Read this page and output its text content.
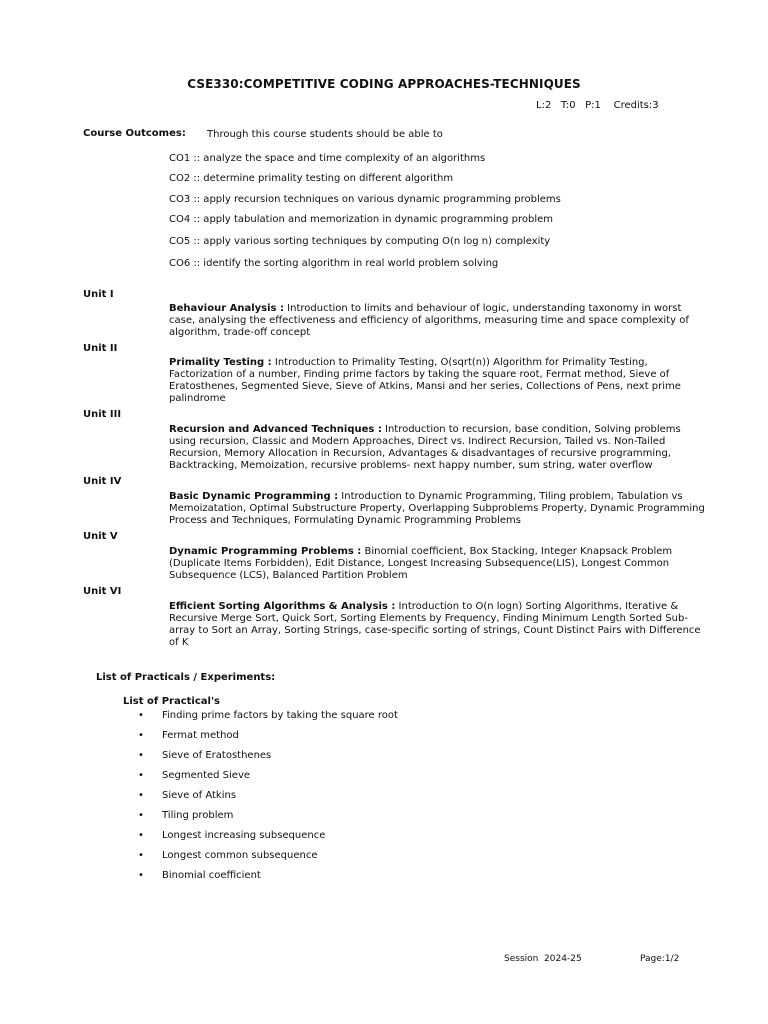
CSE330:COMPETITIVE CODING APPROACHES-TECHNIQUES
L:2   T:0   P:1    Credits:3
Course Outcomes: Through this course students should be able to
CO1 :: analyze the space and time complexity of an algorithms
CO2 :: determine primality testing on different algorithm
CO3 :: apply recursion techniques on various dynamic programming problems
CO4 :: apply tabulation and memorization in dynamic programming problem
CO5 :: apply various sorting techniques by computing O(n log n) complexity
CO6 :: identify the sorting algorithm in real world problem solving
Unit I
Behaviour Analysis : Introduction to limits and behaviour of logic, understanding taxonomy in worst case, analysing the effectiveness and efficiency of algorithms, measuring time and space complexity of algorithm, trade-off concept
Unit II
Primality Testing : Introduction to Primality Testing, O(sqrt(n)) Algorithm for Primality Testing, Factorization of a number, Finding prime factors by taking the square root, Fermat method, Sieve of Eratosthenes, Segmented Sieve, Sieve of Atkins, Mansi and her series, Collections of Pens, next prime palindrome
Unit III
Recursion and Advanced Techniques : Introduction to recursion, base condition, Solving problems using recursion, Classic and Modern Approaches, Direct vs. Indirect Recursion, Tailed vs. Non-Tailed Recursion, Memory Allocation in Recursion, Advantages & disadvantages of recursive programming, Backtracking, Memoization, recursive problems- next happy number, sum string, water overflow
Unit IV
Basic Dynamic Programming : Introduction to Dynamic Programming, Tiling problem, Tabulation vs Memoizatation, Optimal Substructure Property, Overlapping Subproblems Property, Dynamic Programming Process and Techniques, Formulating Dynamic Programming Problems
Unit V
Dynamic Programming Problems : Binomial coefficient, Box Stacking, Integer Knapsack Problem (Duplicate Items Forbidden), Edit Distance, Longest Increasing Subsequence(LIS), Longest Common Subsequence (LCS), Balanced Partition Problem
Unit VI
Efficient Sorting Algorithms & Analysis : Introduction to O(n logn) Sorting Algorithms, Iterative & Recursive Merge Sort, Quick Sort, Sorting Elements by Frequency, Finding Minimum Length Sorted Sub-array to Sort an Array, Sorting Strings, case-specific sorting of strings, Count Distinct Pairs with Difference of K
List of Practicals / Experiments:
List of Practical's
•	Finding prime factors by taking the square root
•	Fermat method
•	Sieve of Eratosthenes
•	Segmented Sieve
•	Sieve of Atkins
•	Tiling problem
•	Longest increasing subsequence
•	Longest common subsequence
•	Binomial coefficient
Session  2024-25	Page:1/2
